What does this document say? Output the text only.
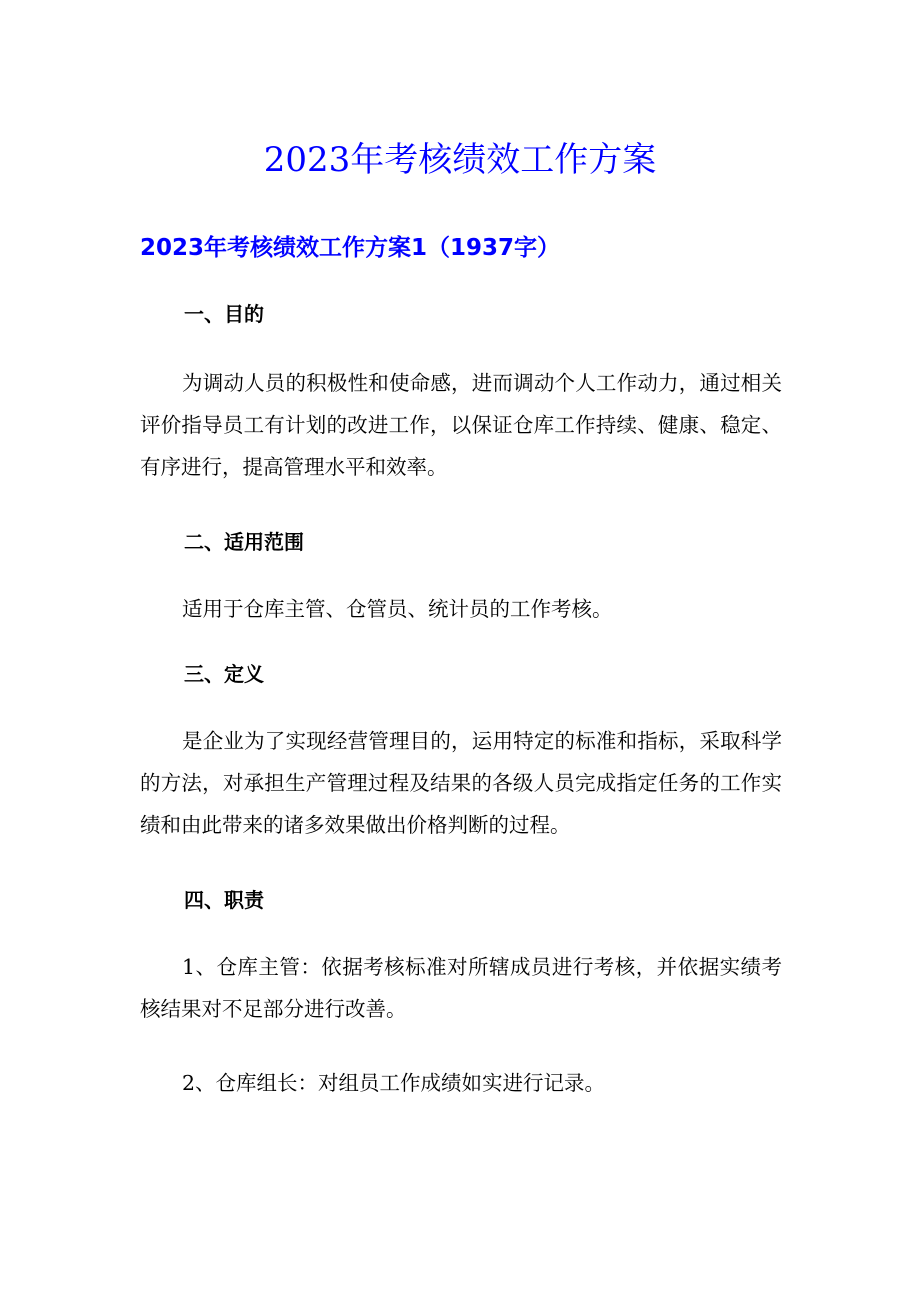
2023年考核绩效工作方案
2023年考核绩效工作方案1（1937字）
一、目的

为调动人员的积极性和使命感，进而调动个人工作动力，通过相关评价指导员工有计划的改进工作，以保证仓库工作持续、健康、稳定、有序进行，提高管理水平和效率。

二、适用范围

适用于仓库主管、仓管员、统计员的工作考核。

三、定义

是企业为了实现经营管理目的，运用特定的标准和指标，采取科学的方法，对承担生产管理过程及结果的各级人员完成指定任务的工作实绩和由此带来的诸多效果做出价格判断的过程。

四、职责

1、仓库主管：依据考核标准对所辖成员进行考核，并依据实绩考核结果对不足部分进行改善。

2、仓库组长：对组员工作成绩如实进行记录。
